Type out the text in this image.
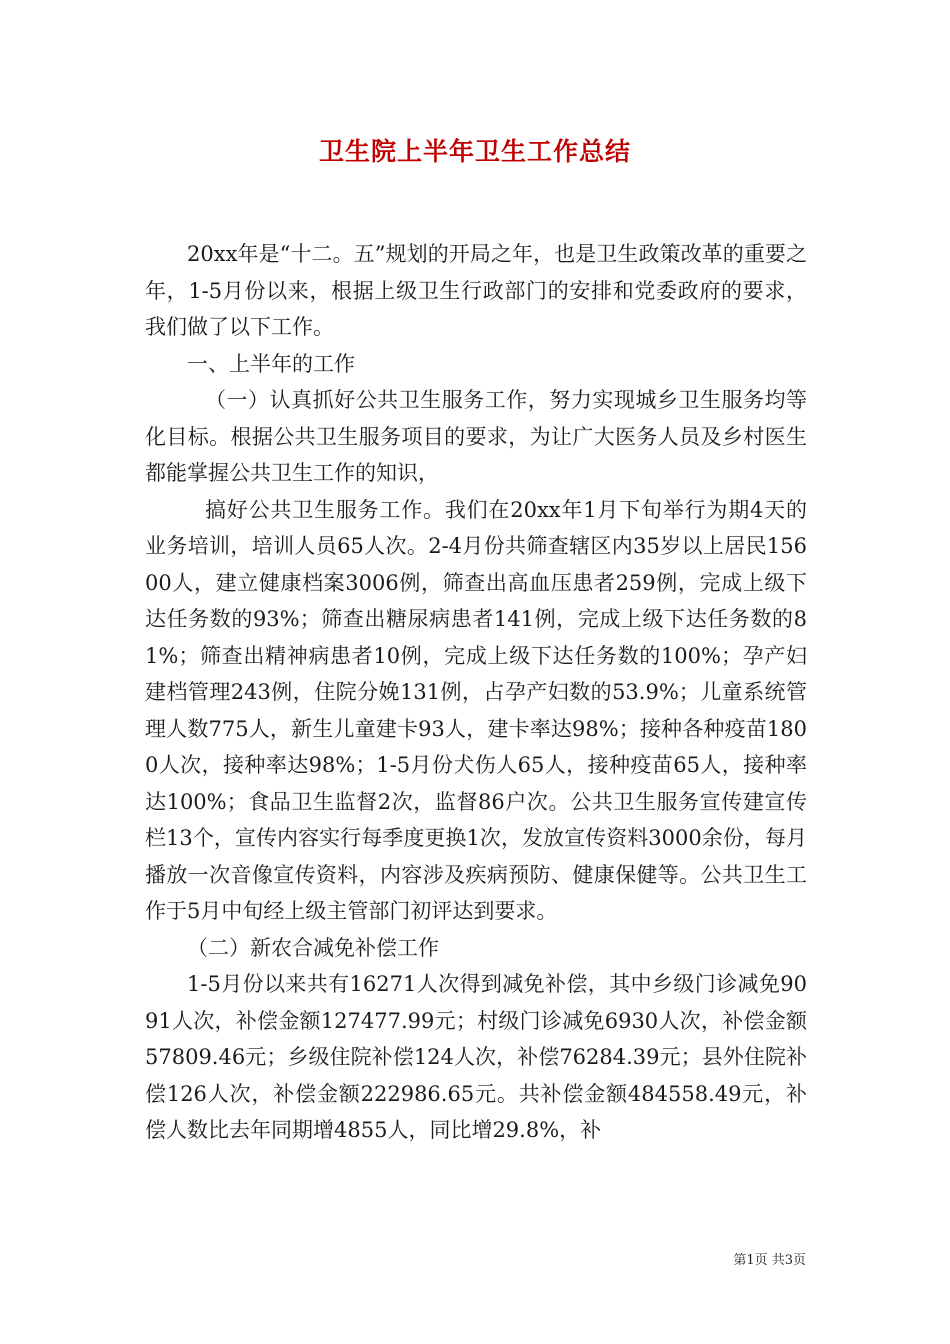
卫生院上半年卫生工作总结

20xx年是“十二。五”规划的开局之年，也是卫生政策改革的重要之年，1-5月份以来，根据上级卫生行政部门的安排和党委政府的要求，我们做了以下工作。

一、上半年的工作

（一）认真抓好公共卫生服务工作，努力实现城乡卫生服务均等化目标。根据公共卫生服务项目的要求，为让广大医务人员及乡村医生都能掌握公共卫生工作的知识，

搞好公共卫生服务工作。我们在20xx年1月下旬举行为期4天的业务培训，培训人员65人次。2-4月份共筛查辖区内35岁以上居民15600人，建立健康档案3006例，筛查出高血压患者259例，完成上级下达任务数的93%；筛查出糖尿病患者141例，完成上级下达任务数的81%；筛查出精神病患者10例，完成上级下达任务数的100%；孕产妇建档管理243例，住院分娩131例，占孕产妇数的53.9%；儿童系统管理人数775人，新生儿童建卡93人，建卡率达98%；接种各种疫苗1800人次，接种率达98%；1-5月份犬伤人65人，接种疫苗65人，接种率达100%；食品卫生监督2次，监督86户次。公共卫生服务宣传建宣传栏13个，宣传内容实行每季度更换1次，发放宣传资料3000余份，每月播放一次音像宣传资料，内容涉及疾病预防、健康保健等。公共卫生工作于5月中旬经上级主管部门初评达到要求。

（二）新农合减免补偿工作

1-5月份以来共有16271人次得到减免补偿，其中乡级门诊减免9091人次，补偿金额127477.99元；村级门诊减免6930人次，补偿金额57809.46元；乡级住院补偿124人次，补偿76284.39元；县外住院补偿126人次，补偿金额222986.65元。共补偿金额484558.49元，补偿人数比去年同期增4855人，同比增29.8%，补

第1页 共3页
